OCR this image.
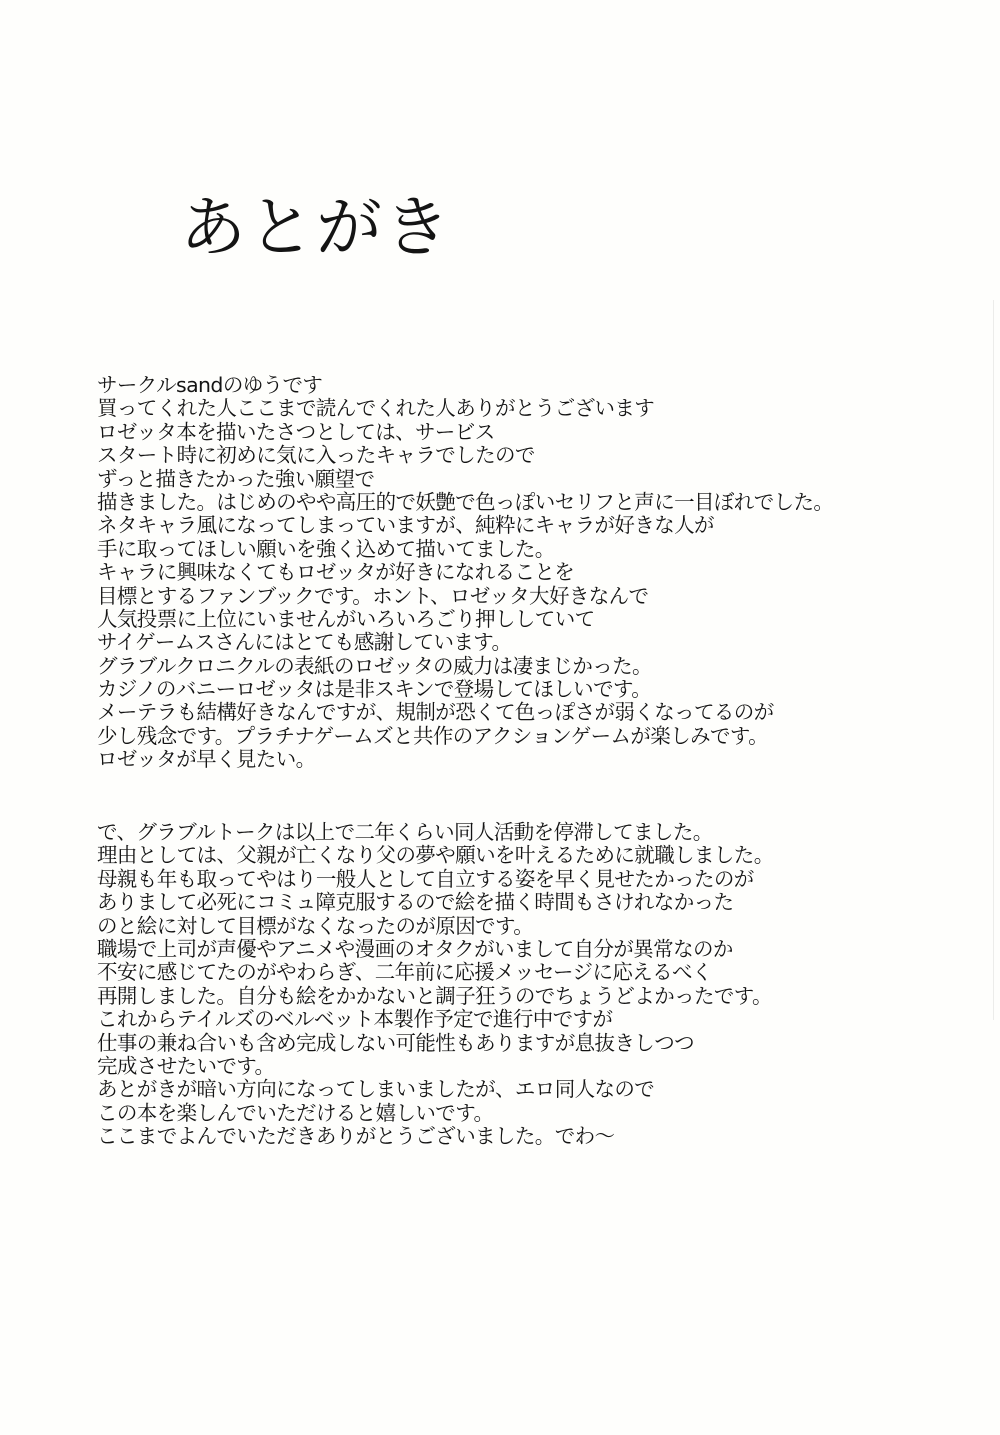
あとがき
サークルsandのゆうです
買ってくれた人ここまで読んでくれた人ありがとうございます
ロゼッタ本を描いたさつとしては、サービス
スタート時に初めに気に入ったキャラでしたので
ずっと描きたかった強い願望で
描きました。はじめのやや高圧的で妖艶で色っぽいセリフと声に一目ぼれでした。
ネタキャラ風になってしまっていますが、純粋にキャラが好きな人が
手に取ってほしい願いを強く込めて描いてました。
キャラに興味なくてもロゼッタが好きになれることを
目標とするファンブックです。ホント、ロゼッタ大好きなんで
人気投票に上位にいませんがいろいろごり押ししていて
サイゲームスさんにはとても感謝しています。
グラブルクロニクルの表紙のロゼッタの威力は凄まじかった。
カジノのバニーロゼッタは是非スキンで登場してほしいです。
メーテラも結構好きなんですが、規制が恐くて色っぽさが弱くなってるのが
少し残念です。プラチナゲームズと共作のアクションゲームが楽しみです。
ロゼッタが早く見たい。
で、グラブルトークは以上で二年くらい同人活動を停滞してました。
理由としては、父親が亡くなり父の夢や願いを叶えるために就職しました。
母親も年も取ってやはり一般人として自立する姿を早く見せたかったのが
ありまして必死にコミュ障克服するので絵を描く時間もさけれなかった
のと絵に対して目標がなくなったのが原因です。
職場で上司が声優やアニメや漫画のオタクがいまして自分が異常なのか
不安に感じてたのがやわらぎ、二年前に応援メッセージに応えるべく
再開しました。自分も絵をかかないと調子狂うのでちょうどよかったです。
これからテイルズのベルベット本製作予定で進行中ですが
仕事の兼ね合いも含め完成しない可能性もありますが息抜きしつつ
完成させたいです。
あとがきが暗い方向になってしまいましたが、エロ同人なので
この本を楽しんでいただけると嬉しいです。
ここまでよんでいただきありがとうございました。でわ～
